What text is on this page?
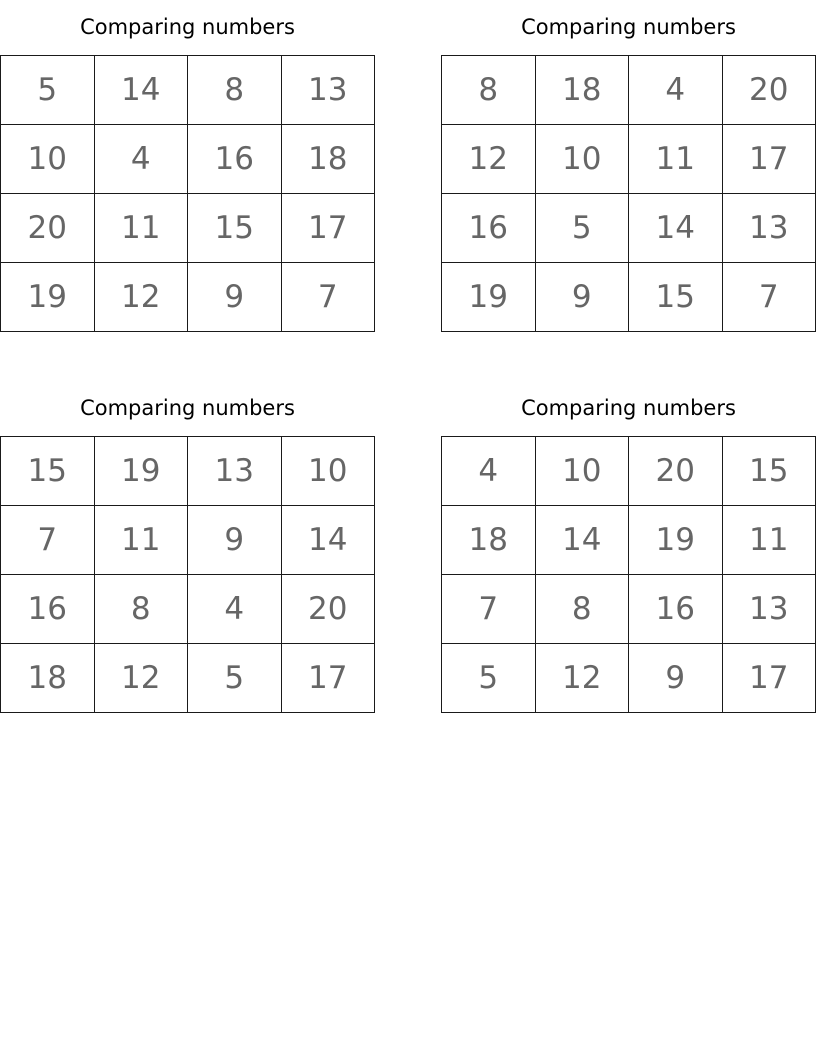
Comparing numbers
5	14	8	13
10	4	16	18
20	11	15	17
19	12	9	7
Comparing numbers
8	18	4	20
12	10	11	17
16	5	14	13
19	9	15	7
Comparing numbers
15	19	13	10
7	11	9	14
16	8	4	20
18	12	5	17
Comparing numbers
4	10	20	15
18	14	19	11
7	8	16	13
5	12	9	17
